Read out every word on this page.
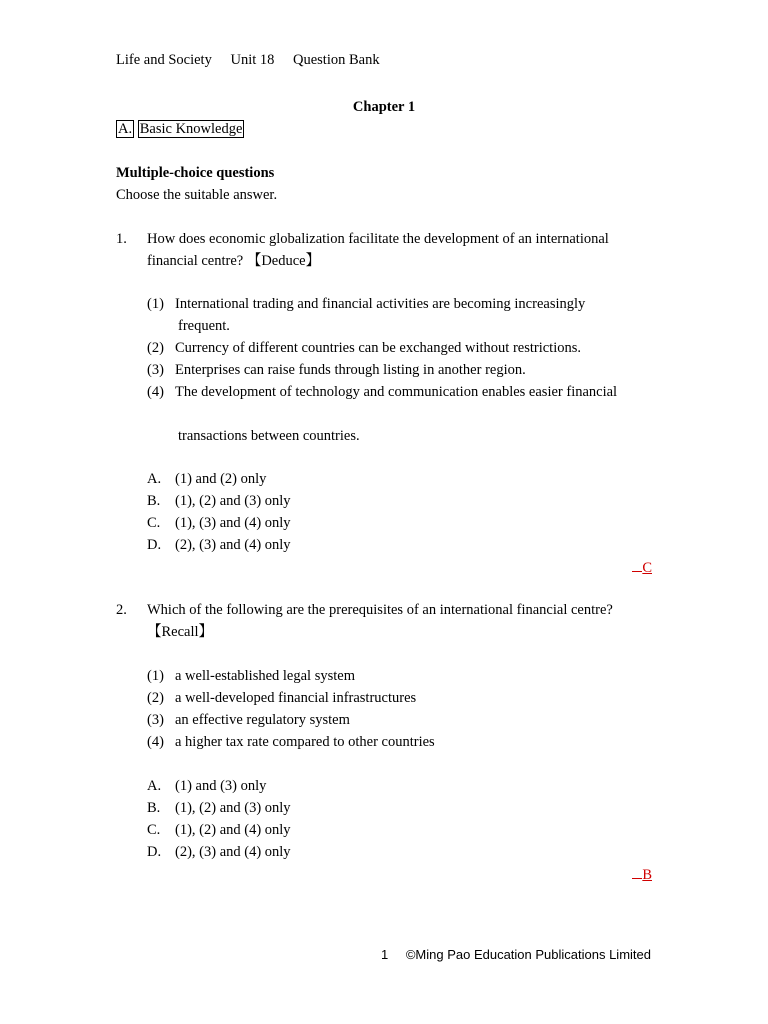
Life and Society Unit 18 Question Bank
Chapter 1
A. Basic Knowledge
Multiple-choice questions
Choose the suitable answer.
1. How does economic globalization facilitate the development of an international
financial centre? 【Deduce】
(1) International trading and financial activities are becoming increasingly
frequent.
(2) Currency of different countries can be exchanged without restrictions.
(3) Enterprises can raise funds through listing in another region.
(4) The development of technology and communication enables easier financial
transactions between countries.
A. (1) and (2) only
B. (1), (2) and (3) only
C. (1), (3) and (4) only
D. (2), (3) and (4) only
C
2. Which of the following are the prerequisites of an international financial centre?
【Recall】
(1) a well-established legal system
(2) a well-developed financial infrastructures
(3) an effective regulatory system
(4) a higher tax rate compared to other countries
A. (1) and (3) only
B. (1), (2) and (3) only
C. (1), (2) and (4) only
D. (2), (3) and (4) only
B
1 ©Ming Pao Education Publications Limited
